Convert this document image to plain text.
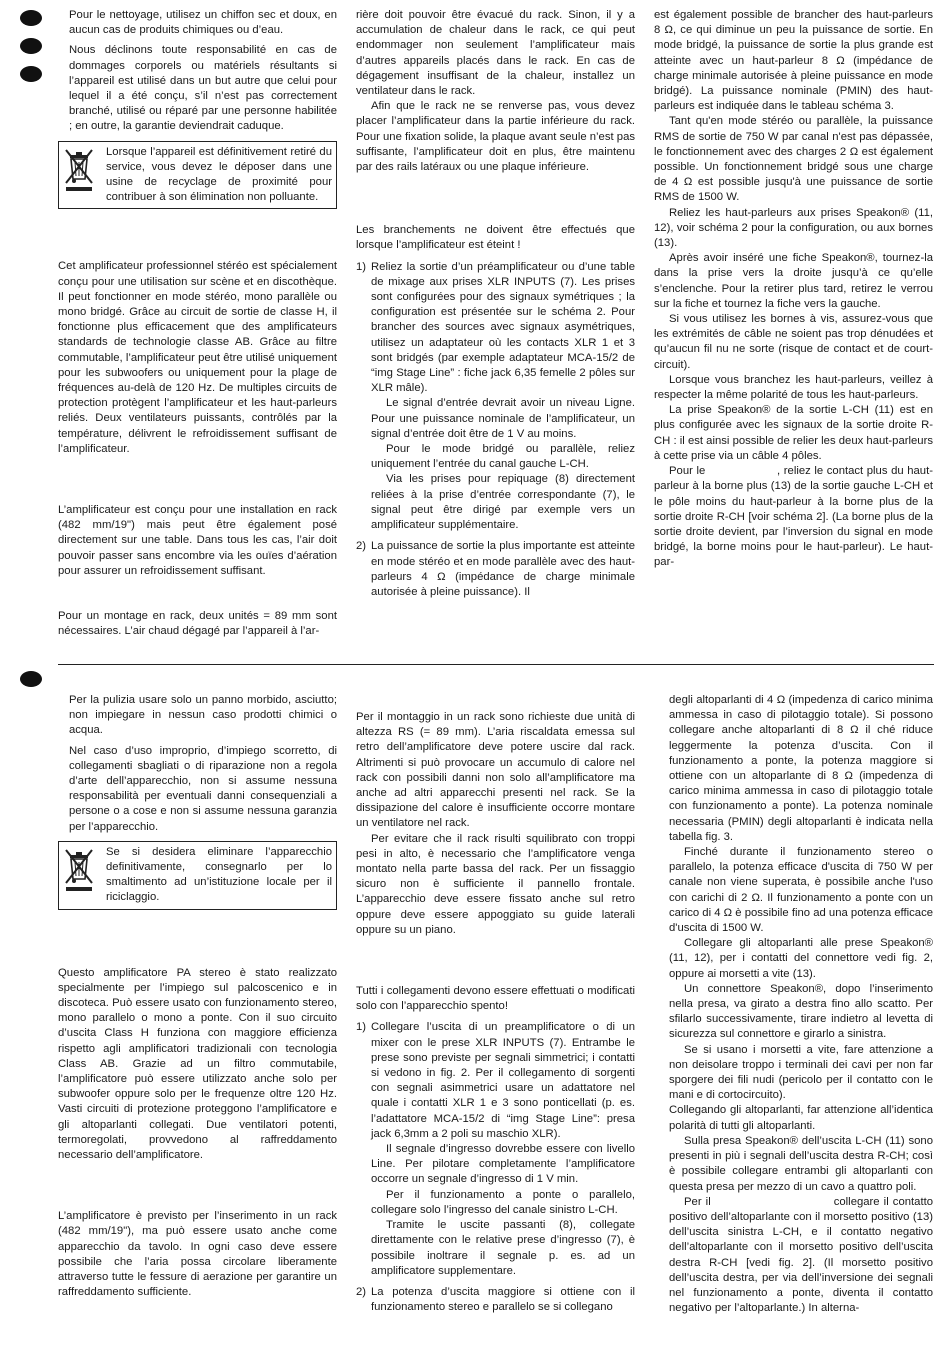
Pour le nettoyage, utilisez un chiffon sec et doux, en aucun cas de produits chimiques ou d’eau.

Nous déclinons toute responsabilité en cas de dommages corporels ou matériels résultants si l’appareil est utilisé dans un but autre que celui pour lequel il a été conçu, s’il n’est pas correctement branché, utilisé ou réparé par une personne habilitée ; en outre, la garantie deviendrait caduque.

Lorsque l’appareil est définitivement retiré du service, vous devez le déposer dans une usine de recyclage de proximité pour contribuer à son élimination non polluante.

Cet amplificateur professionnel stéréo est spécialement conçu pour une utilisation sur scène et en discothèque. Il peut fonctionner en mode stéréo, mono parallèle ou mono bridgé. Grâce au circuit de sortie de classe H, il fonctionne plus efficacement que des amplificateurs standards de technologie classe AB. Grâce au filtre commutable, l’amplificateur peut être utilisé uniquement pour les subwoofers ou uniquement pour la plage de fréquences au-delà de 120 Hz. De multiples circuits de protection protègent l’amplificateur et les haut-parleurs reliés. Deux ventilateurs puissants, contrôlés par la température, délivrent le refroidissement suffisant de l’amplificateur.

L’amplificateur est conçu pour une installation en rack (482 mm/19") mais peut être également posé directement sur une table. Dans tous les cas, l’air doit pouvoir passer sans encombre via les ouïes d’aération pour assurer un refroidissement suffisant.

Pour un montage en rack, deux unités = 89 mm sont nécessaires. L’air chaud dégagé par l’appareil à l’ar-

rière doit pouvoir être évacué du rack. Sinon, il y a accumulation de chaleur dans le rack, ce qui peut endommager non seulement l’amplificateur mais d’autres appareils placés dans le rack. En cas de dégagement insuffisant de la chaleur, installez un ventilateur dans le rack.

Afin que le rack ne se renverse pas, vous devez placer l’amplificateur dans la partie inférieure du rack. Pour une fixation solide, la plaque avant seule n’est pas suffisante, l’amplificateur doit en plus, être maintenu par des rails latéraux ou une plaque inférieure.

Les branchements ne doivent être effectués que lorsque l’amplificateur est éteint !

1) Reliez la sortie d’un préamplificateur ou d’une table de mixage aux prises XLR INPUTS (7). Les prises sont configurées pour des signaux symétriques ; la configuration est présentée sur le schéma 2. Pour brancher des sources avec signaux asymétriques, utilisez un adaptateur où les contacts XLR 1 et 3 sont bridgés (par exemple adaptateur MCA-15/2 de “img Stage Line” : fiche jack 6,35 femelle 2 pôles sur XLR mâle).

Le signal d’entrée devrait avoir un niveau Ligne. Pour une puissance nominale de l’amplificateur, un signal d’entrée doit être de 1 V au moins.

Pour le mode bridgé ou parallèle, reliez uniquement l’entrée du canal gauche L-CH.

Via les prises pour repiquage (8) directement reliées à la prise d’entrée correspondante (7), le signal peut être dirigé par exemple vers un amplificateur supplémentaire.

2) La puissance de sortie la plus importante est atteinte en mode stéréo et en mode parallèle avec des haut-parleurs 4 Ω (impédance de charge minimale autorisée à pleine puissance). Il

est également possible de brancher des haut-parleurs 8 Ω, ce qui diminue un peu la puissance de sortie. En mode bridgé, la puissance de sortie la plus grande est atteinte avec un haut-parleur 8 Ω (impédance de charge minimale autorisée à pleine puissance en mode bridgé). La puissance nominale (PMIN) des haut-parleurs est indiquée dans le tableau schéma 3.

Tant qu'en mode stéréo ou parallèle, la puissance RMS de sortie de 750 W par canal n'est pas dépassée, le fonctionnement avec des charges 2 Ω est également possible. Un fonctionnement bridgé sous une charge de 4 Ω est possible jusqu'à une puissance de sortie RMS de 1500 W.

Reliez les haut-parleurs aux prises Speakon® (11, 12), voir schéma 2 pour la configuration, ou aux bornes (13).

Après avoir inséré une fiche Speakon®, tournez-la dans la prise vers la droite jusqu’à ce qu’elle s’enclenche. Pour la retirer plus tard, retirez le verrou sur la fiche et tournez la fiche vers la gauche.

Si vous utilisez les bornes à vis, assurez-vous que les extrémités de câble ne soient pas trop dénudées et qu’aucun fil nu ne sorte (risque de contact et de court-circuit).

Lorsque vous branchez les haut-parleurs, veillez à respecter la même polarité de tous les haut-parleurs.

La prise Speakon® de la sortie L-CH (11) est en plus configurée avec les signaux de la sortie droite R-CH : il est ainsi possible de relier les deux haut-parleurs à cette prise via un câble 4 pôles.

Pour le                    , reliez le contact plus du haut-parleur à la borne plus (13) de la sortie gauche L-CH et le pôle moins du haut-parleur à la borne plus de la sortie droite R-CH [voir schéma 2]. (La borne plus de la sortie droite devient, par l’inversion du signal en mode bridgé, la borne moins pour le haut-parleur). Le haut-par-

Per la pulizia usare solo un panno morbido, asciutto; non impiegare in nessun caso prodotti chimici o acqua.

Nel caso d’uso improprio, d’impiego scorretto, di collegamenti sbagliati o di riparazione non a regola d’arte dell’apparecchio, non si assume nessuna responsabilità per eventuali danni consequenziali a persone o a cose e non si assume nessuna garanzia per l’apparecchio.

Se si desidera eliminare l’apparecchio definitivamente, consegnarlo per lo smaltimento ad un’istituzione locale per il riciclaggio.

Questo amplificatore PA stereo è stato realizzato specialmente per l’impiego sul palcoscenico e in discoteca. Può essere usato con funzionamento stereo, mono parallelo o mono a ponte. Con il suo circuito d’uscita Class H funziona con maggiore efficienza rispetto agli amplificatori tradizionali con tecnologia Class AB. Grazie ad un filtro commutabile, l’amplificatore può essere utilizzato anche solo per subwoofer oppure solo per le frequenze oltre 120 Hz. Vasti circuiti di protezione proteggono l’amplificatore e gli altoparlanti collegati. Due ventilatori potenti, termoregolati, provvedono al raffreddamento necessario dell’amplificatore.

L’amplificatore è previsto per l’inserimento in un rack (482 mm/19"), ma può essere usato anche come apparecchio da tavolo. In ogni caso deve essere possibile che l’aria possa circolare liberamente attraverso tutte le fessure di aerazione per garantire un raffreddamento sufficiente.

Per il montaggio in un rack sono richieste due unità di altezza RS (= 89 mm). L’aria riscaldata emessa sul retro dell’amplificatore deve potere uscire dal rack. Altrimenti si può provocare un accumulo di calore nel rack con possibili danni non solo all’amplificatore ma anche ad altri apparecchi presenti nel rack. Se la dissipazione del calore è insufficiente occorre montare un ventilatore nel rack.

Per evitare che il rack risulti squilibrato con troppi pesi in alto, è necessario che l’amplificatore venga montato nella parte bassa del rack. Per un fissaggio sicuro non è sufficiente il pannello frontale. L’apparecchio deve essere fissato anche sul retro oppure deve essere appoggiato su guide laterali oppure su un piano.

Tutti i collegamenti devono essere effettuati o modificati solo con l’apparecchio spento!

1) Collegare l’uscita di un preamplificatore o di un mixer con le prese XLR INPUTS (7). Entrambe le prese sono previste per segnali simmetrici; i contatti si vedono in fig. 2. Per il collegamento di sorgenti con segnali asimmetrici usare un adattatore nel quale i contatti XLR 1 e 3 sono ponticellati (p. es. l’adattatore MCA-15/2 di “img Stage Line”: presa jack 6,3mm a 2 poli su maschio XLR).

Il segnale d’ingresso dovrebbe essere con livello Line. Per pilotare completamente l’amplificatore occorre un segnale d’ingresso di 1 V min.

Per il funzionamento a ponte o parallelo, collegare solo l’ingresso del canale sinistro L-CH.

Tramite le uscite passanti (8), collegate direttamente con le relative prese d’ingresso (7), è possibile inoltrare il segnale p. es. ad un amplificatore supplementare.

2) La potenza d’uscita maggiore si ottiene con il funzionamento stereo e parallelo se si collegano

degli altoparlanti di 4 Ω (impedenza di carico minima ammessa in caso di pilotaggio totale). Si possono collegare anche altoparlanti di 8 Ω il ché riduce leggermente la potenza d’uscita. Con il funzionamento a ponte, la potenza maggiore si ottiene con un altoparlante di 8 Ω (impedenza di carico minima ammessa in caso di pilotaggio totale con funzionamento a ponte). La potenza nominale necessaria (PMIN) degli altoparlanti è indicata nella tabella fig. 3.

Finché durante il funzionamento stereo o parallelo, la potenza efficace d'uscita di 750 W per canale non viene superata, è possibile anche l'uso con carichi di 2 Ω. Il funzionamento a ponte con un carico di 4 Ω è possibile fino ad una potenza efficace d'uscita di 1500 W.

Collegare gli altoparlanti alle prese Speakon® (11, 12), per i contatti del connettore vedi fig. 2, oppure ai morsetti a vite (13).

Un connettore Speakon®, dopo l’inserimento nella presa, va girato a destra fino allo scatto. Per sfilarlo successivamente, tirare indietro al levetta di sicurezza sul connettore e girarlo a sinistra.

Se si usano i morsetti a vite, fare attenzione a non deisolare troppo i terminali dei cavi per non far sporgere dei fili nudi (pericolo per il contatto con le mani e di cortocircuito).

Collegando gli altoparlanti, far attenzione all’identica polarità di tutti gli altoparlanti.

Sulla presa Speakon® dell’uscita L-CH (11) sono presenti in più i segnali dell’uscita destra R-CH; così è possibile collegare entrambi gli altoparlanti con questa presa per mezzo di un cavo a quattro poli.

Per il                              collegare il contatto positivo dell’altoparlante con il morsetto positivo (13) dell’uscita sinistra L-CH, e il contatto negativo dell’altoparlante con il morsetto positivo dell’uscita destra R-CH [vedi fig. 2]. (Il morsetto positivo dell’uscita destra, per via dell’inversione dei segnali nel funzionamento a ponte, diventa il contatto negativo per l’altoparlante.) In alterna-
